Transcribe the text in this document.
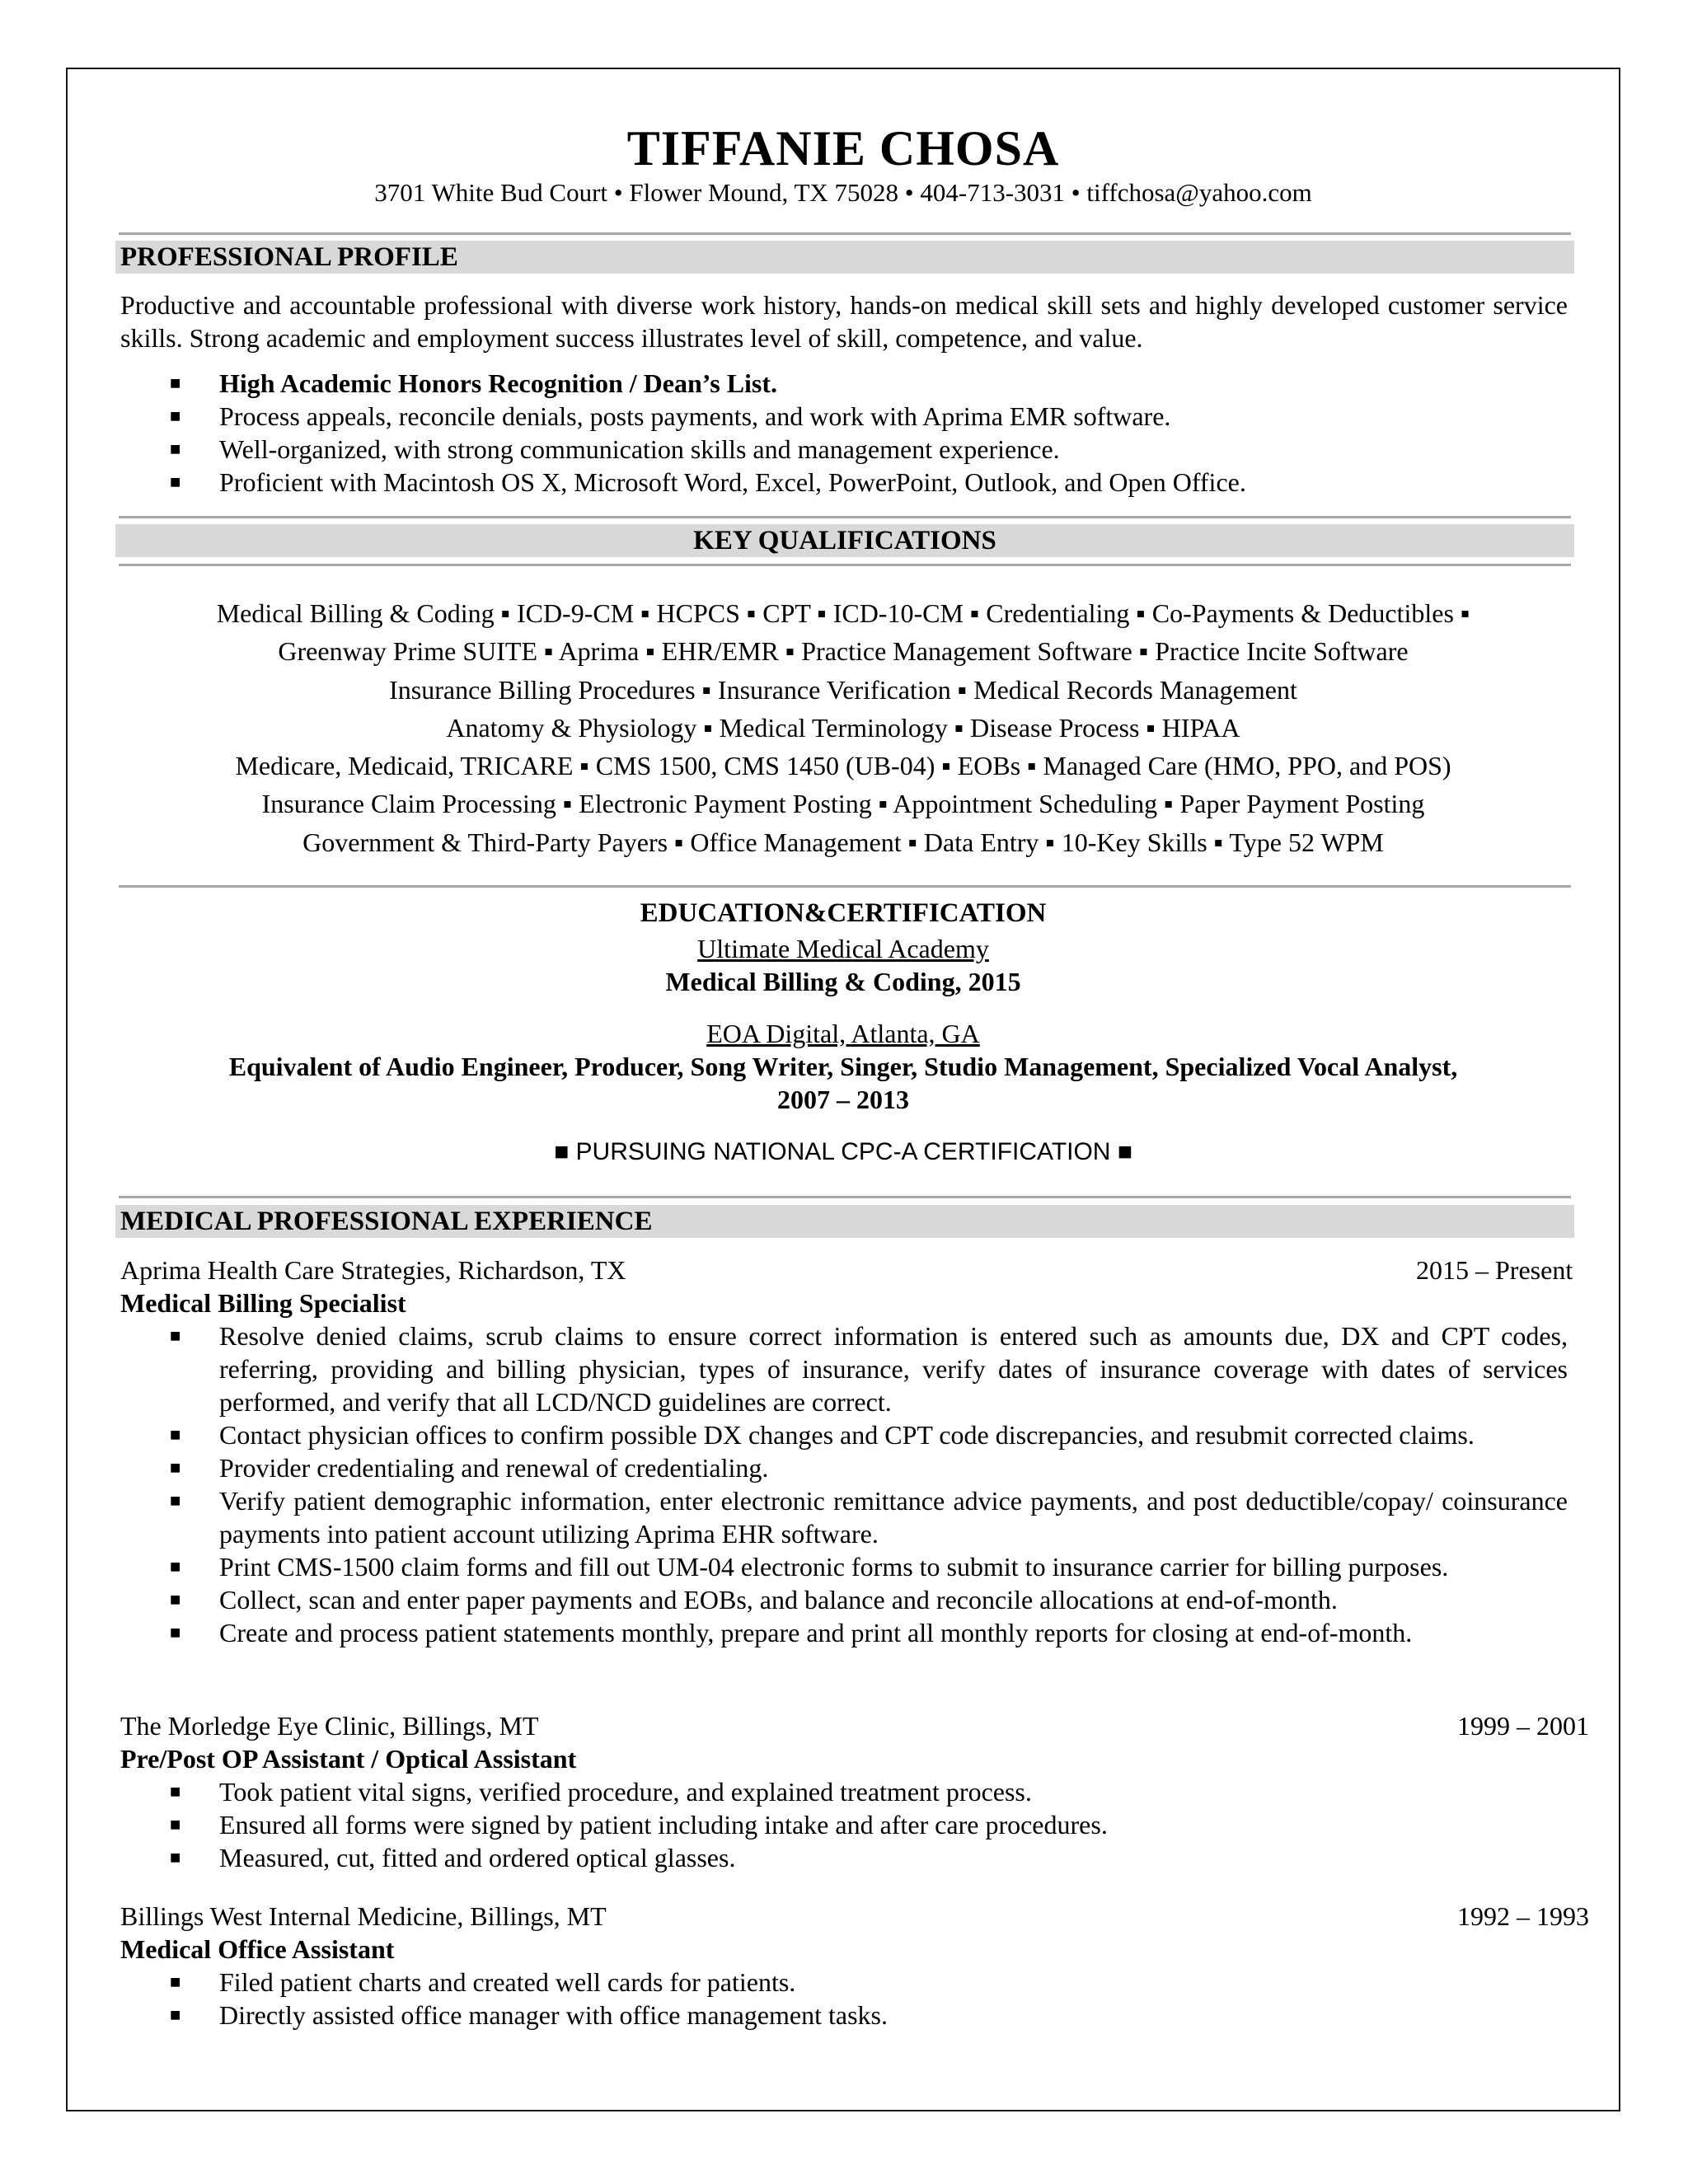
TIFFANIE CHOSA
3701 White Bud Court • Flower Mound, TX 75028 • 404-713-3031 • tiffchosa@yahoo.com
PROFESSIONAL PROFILE
Productive and accountable professional with diverse work history, hands-on medical skill sets and highly developed customer service skills. Strong academic and employment success illustrates level of skill, competence, and value.
■ High Academic Honors Recognition / Dean’s List.
■ Process appeals, reconcile denials, posts payments, and work with Aprima EMR software.
■ Well-organized, with strong communication skills and management experience.
■ Proficient with Macintosh OS X, Microsoft Word, Excel, PowerPoint, Outlook, and Open Office.
KEY QUALIFICATIONS
Medical Billing & Coding ▪ ICD-9-CM ▪ HCPCS ▪ CPT ▪ ICD-10-CM ▪ Credentialing ▪ Co-Payments & Deductibles ▪
Greenway Prime SUITE ▪ Aprima ▪ EHR/EMR ▪ Practice Management Software ▪ Practice Incite Software
Insurance Billing Procedures ▪ Insurance Verification ▪ Medical Records Management
Anatomy & Physiology ▪ Medical Terminology ▪ Disease Process ▪ HIPAA
Medicare, Medicaid, TRICARE ▪ CMS 1500, CMS 1450 (UB-04) ▪ EOBs ▪ Managed Care (HMO, PPO, and POS)
Insurance Claim Processing ▪ Electronic Payment Posting ▪ Appointment Scheduling ▪ Paper Payment Posting
Government & Third-Party Payers ▪ Office Management ▪ Data Entry ▪ 10-Key Skills ▪ Type 52 WPM
EDUCATION&CERTIFICATION
Ultimate Medical Academy
Medical Billing & Coding, 2015
EOA Digital, Atlanta, GA
Equivalent of Audio Engineer, Producer, Song Writer, Singer, Studio Management, Specialized Vocal Analyst,
2007 – 2013
■ PURSUING NATIONAL CPC-A CERTIFICATION ■
MEDICAL PROFESSIONAL EXPERIENCE
Aprima Health Care Strategies, Richardson, TX	2015 – Present
Medical Billing Specialist
■ Resolve denied claims, scrub claims to ensure correct information is entered such as amounts due, DX and CPT codes, referring, providing and billing physician, types of insurance, verify dates of insurance coverage with dates of services performed, and verify that all LCD/NCD guidelines are correct.
■ Contact physician offices to confirm possible DX changes and CPT code discrepancies, and resubmit corrected claims.
■ Provider credentialing and renewal of credentialing.
■ Verify patient demographic information, enter electronic remittance advice payments, and post deductible/copay/ coinsurance payments into patient account utilizing Aprima EHR software.
■ Print CMS-1500 claim forms and fill out UM-04 electronic forms to submit to insurance carrier for billing purposes.
■ Collect, scan and enter paper payments and EOBs, and balance and reconcile allocations at end-of-month.
■ Create and process patient statements monthly, prepare and print all monthly reports for closing at end-of-month.
The Morledge Eye Clinic, Billings, MT	1999 – 2001
Pre/Post OP Assistant / Optical Assistant
■ Took patient vital signs, verified procedure, and explained treatment process.
■ Ensured all forms were signed by patient including intake and after care procedures.
■ Measured, cut, fitted and ordered optical glasses.
Billings West Internal Medicine, Billings, MT	1992 – 1993
Medical Office Assistant
■ Filed patient charts and created well cards for patients.
■ Directly assisted office manager with office management tasks.
